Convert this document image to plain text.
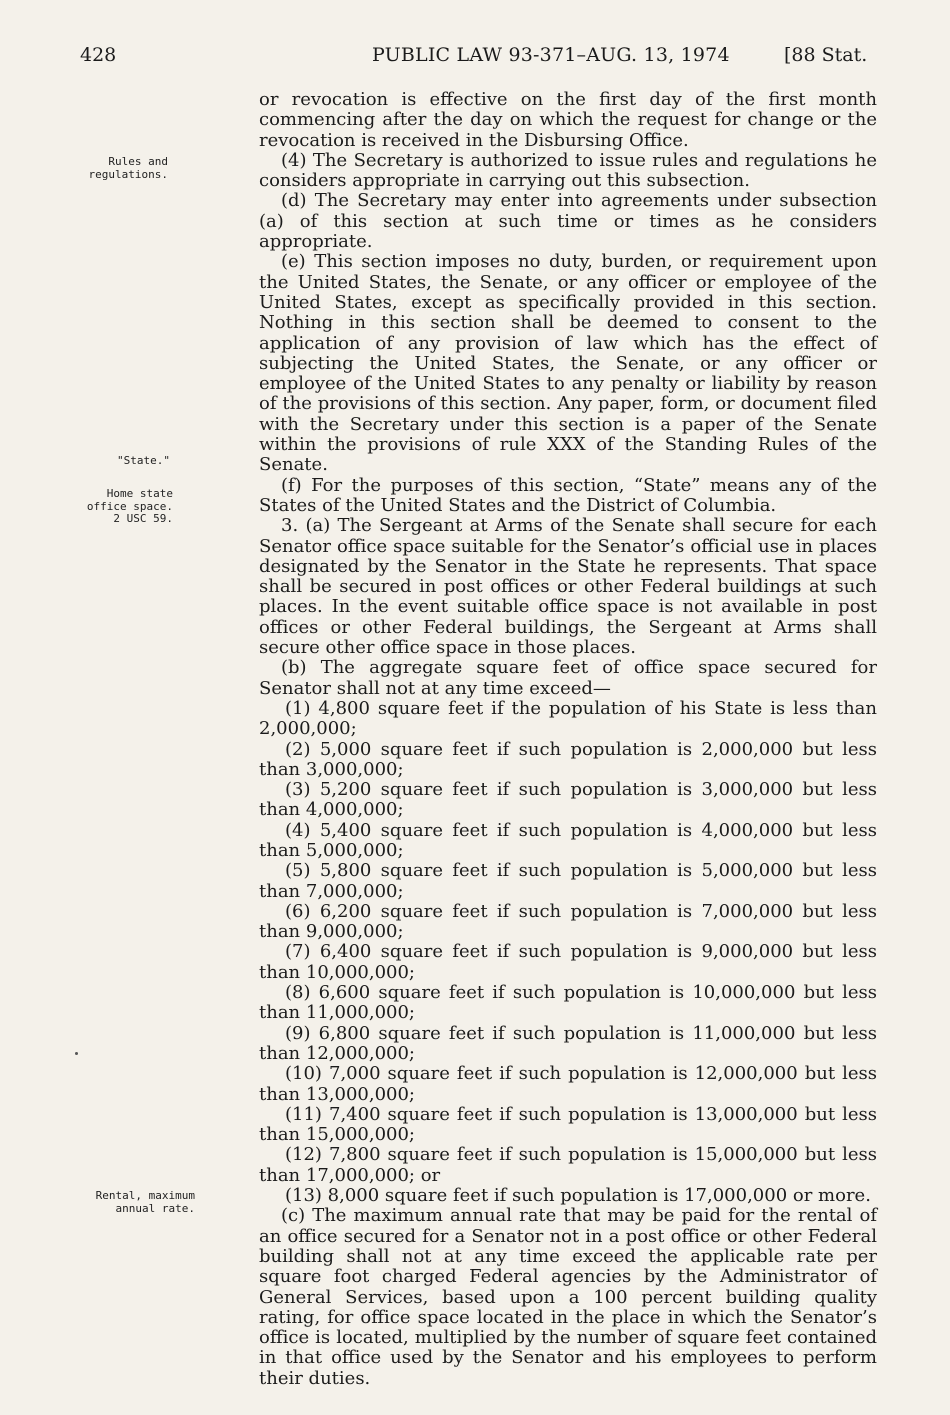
428	PUBLIC LAW 93-371–AUG. 13, 1974	[88 Stat.
Rules and regulations.
"State."
Home state
office space.
2 USC 59.
Rental, maximum annual rate.

or revocation is effective on the first day of the first month commencing after the day on which the request for change or the revocation is received in the Disbursing Office.

(4) The Secretary is authorized to issue rules and regulations he considers appropriate in carrying out this subsection.

(d) The Secretary may enter into agreements under subsection (a) of this section at such time or times as he considers appropriate.

(e) This section imposes no duty, burden, or requirement upon the United States, the Senate, or any officer or employee of the United States, except as specifically provided in this section. Nothing in this section shall be deemed to consent to the application of any provision of law which has the effect of subjecting the United States, the Senate, or any officer or employee of the United States to any penalty or liability by reason of the provisions of this section. Any paper, form, or document filed with the Secretary under this section is a paper of the Senate within the provisions of rule XXX of the Standing Rules of the Senate.

(f) For the purposes of this section, “State” means any of the States of the United States and the District of Columbia.

3. (a) The Sergeant at Arms of the Senate shall secure for each Senator office space suitable for the Senator’s official use in places designated by the Senator in the State he represents. That space shall be secured in post offices or other Federal buildings at such places. In the event suitable office space is not available in post offices or other Federal buildings, the Sergeant at Arms shall secure other office space in those places.

(b) The aggregate square feet of office space secured for Senator shall not at any time exceed—

(1) 4,800 square feet if the population of his State is less than 2,000,000;

(2) 5,000 square feet if such population is 2,000,000 but less than 3,000,000;

(3) 5,200 square feet if such population is 3,000,000 but less than 4,000,000;

(4) 5,400 square feet if such population is 4,000,000 but less than 5,000,000;

(5) 5,800 square feet if such population is 5,000,000 but less than 7,000,000;

(6) 6,200 square feet if such population is 7,000,000 but less than 9,000,000;

(7) 6,400 square feet if such population is 9,000,000 but less than 10,000,000;

(8) 6,600 square feet if such population is 10,000,000 but less than 11,000,000;

(9) 6,800 square feet if such population is 11,000,000 but less than 12,000,000;

(10) 7,000 square feet if such population is 12,000,000 but less than 13,000,000;

(11) 7,400 square feet if such population is 13,000,000 but less than 15,000,000;

(12) 7,800 square feet if such population is 15,000,000 but less than 17,000,000; or

(13) 8,000 square feet if such population is 17,000,000 or more.

(c) The maximum annual rate that may be paid for the rental of an office secured for a Senator not in a post office or other Federal building shall not at any time exceed the applicable rate per square foot charged Federal agencies by the Administrator of General Services, based upon a 100 percent building quality rating, for office space located in the place in which the Senator’s office is located, multiplied by the number of square feet contained in that office used by the Senator and his employees to perform their duties.
